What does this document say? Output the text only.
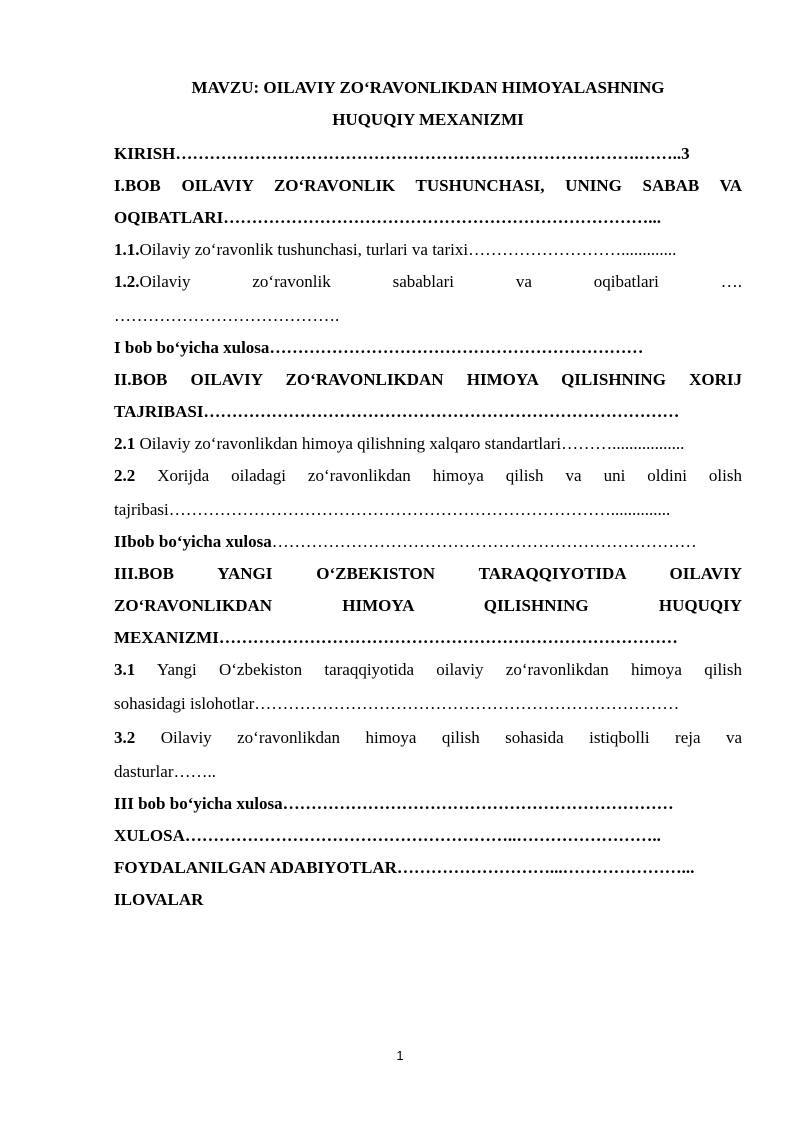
MAVZU: OILAVIY ZO‘RAVONLIKDAN HIMOYALASHNING
HUQUQIY MEXANIZMI
KIRISH……………………………………………………………………….……..3
I.BOB OILAVIY ZO‘RAVONLIK TUSHUNCHASI, UNING SABAB VA
OQIBATLARI…………………………………………………………………...
1.1.Oilaviy zo‘ravonlik tushunchasi, turlari va tarixi……………………….............
1.2.Oilaviy zo‘ravonlik sabablari va oqibatlari ….
………………………………….
I bob bo‘yicha xulosa…………………………………………………………
II.BOB OILAVIY ZO‘RAVONLIKDAN HIMOYA QILISHNING XORIJ
TAJRIBASI…………………………………………………………………………
2.1 Oilaviy zo‘ravonlikdan himoya qilishning xalqaro standartlari……….................
2.2 Xorijda oiladagi zo‘ravonlikdan himoya qilish va uni oldini olish
tajribasi……………………………………………………………………..............
IIbob bo‘yicha xulosa…………………………………………………………………
III.BOB YANGI O‘ZBEKISTON TARAQQIYOTIDA OILAVIY
ZO‘RAVONLIKDAN HIMOYA QILISHNING HUQUQIY
MEXANIZMI………………………………………………………………………
3.1 Yangi O‘zbekiston taraqqiyotida oilaviy zo‘ravonlikdan himoya qilish
sohasidagi islohotlar…………………………………………………………………
3.2 Oilaviy zo‘ravonlikdan himoya qilish sohasida istiqbolli reja va
dasturlar……..
III bob bo‘yicha xulosa……………………………………………………………
XULOSA…………………………………………………..……………………..
FOYDALANILGAN ADABIYOTLAR………………………...…………………...
ILOVALAR
1
